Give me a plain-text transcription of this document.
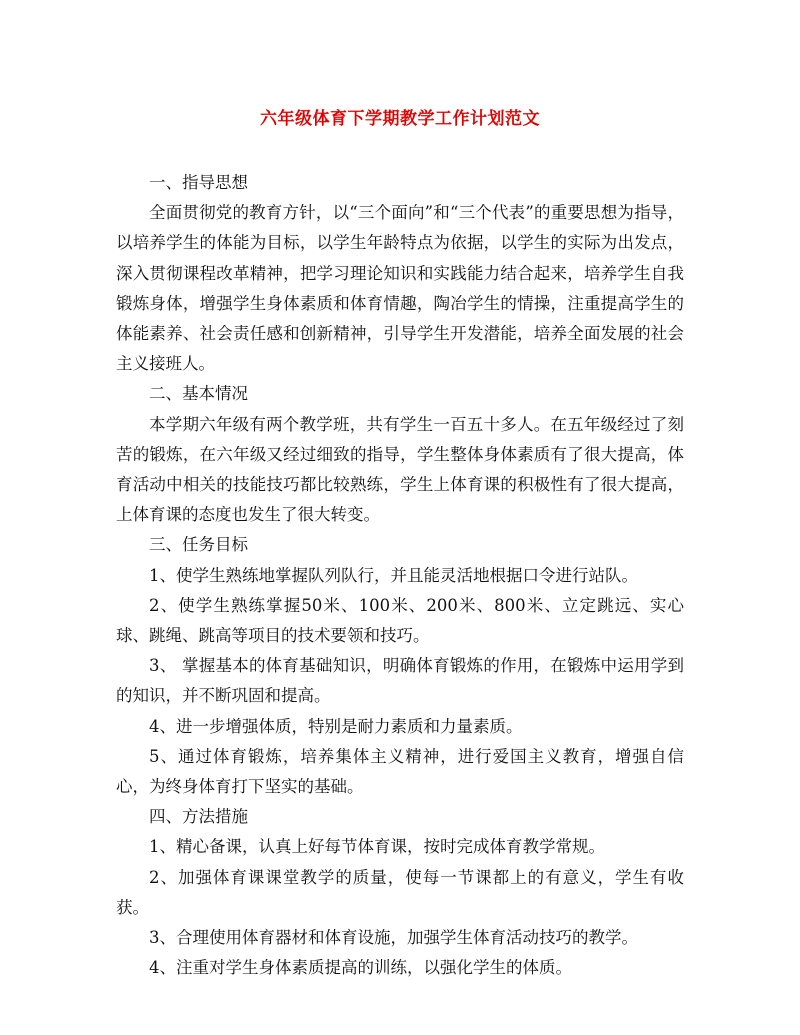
六年级体育下学期教学工作计划范文

一、指导思想

全面贯彻党的教育方针，以“三个面向”和“三个代表”的重要思想为指导，以培养学生的体能为目标，以学生年龄特点为依据，以学生的实际为出发点，深入贯彻课程改革精神，把学习理论知识和实践能力结合起来，培养学生自我锻炼身体，增强学生身体素质和体育情趣，陶冶学生的情操，注重提高学生的体能素养、社会责任感和创新精神，引导学生开发潜能，培养全面发展的社会主义接班人。

二、基本情况

本学期六年级有两个教学班，共有学生一百五十多人。在五年级经过了刻苦的锻炼，在六年级又经过细致的指导，学生整体身体素质有了很大提高，体育活动中相关的技能技巧都比较熟练，学生上体育课的积极性有了很大提高，上体育课的态度也发生了很大转变。

三、任务目标

1、使学生熟练地掌握队列队行，并且能灵活地根据口令进行站队。

2、使学生熟练掌握50米、100米、200米、800米、立定跳远、实心球、跳绳、跳高等项目的技术要领和技巧。

3、 掌握基本的体育基础知识，明确体育锻炼的作用，在锻炼中运用学到的知识，并不断巩固和提高。

4、进一步增强体质，特别是耐力素质和力量素质。

5、通过体育锻炼，培养集体主义精神，进行爱国主义教育，增强自信心，为终身体育打下坚实的基础。

四、方法措施

1、精心备课，认真上好每节体育课，按时完成体育教学常规。

2、加强体育课课堂教学的质量，使每一节课都上的有意义，学生有收获。

3、合理使用体育器材和体育设施，加强学生体育活动技巧的教学。

4、注重对学生身体素质提高的训练，以强化学生的体质。
